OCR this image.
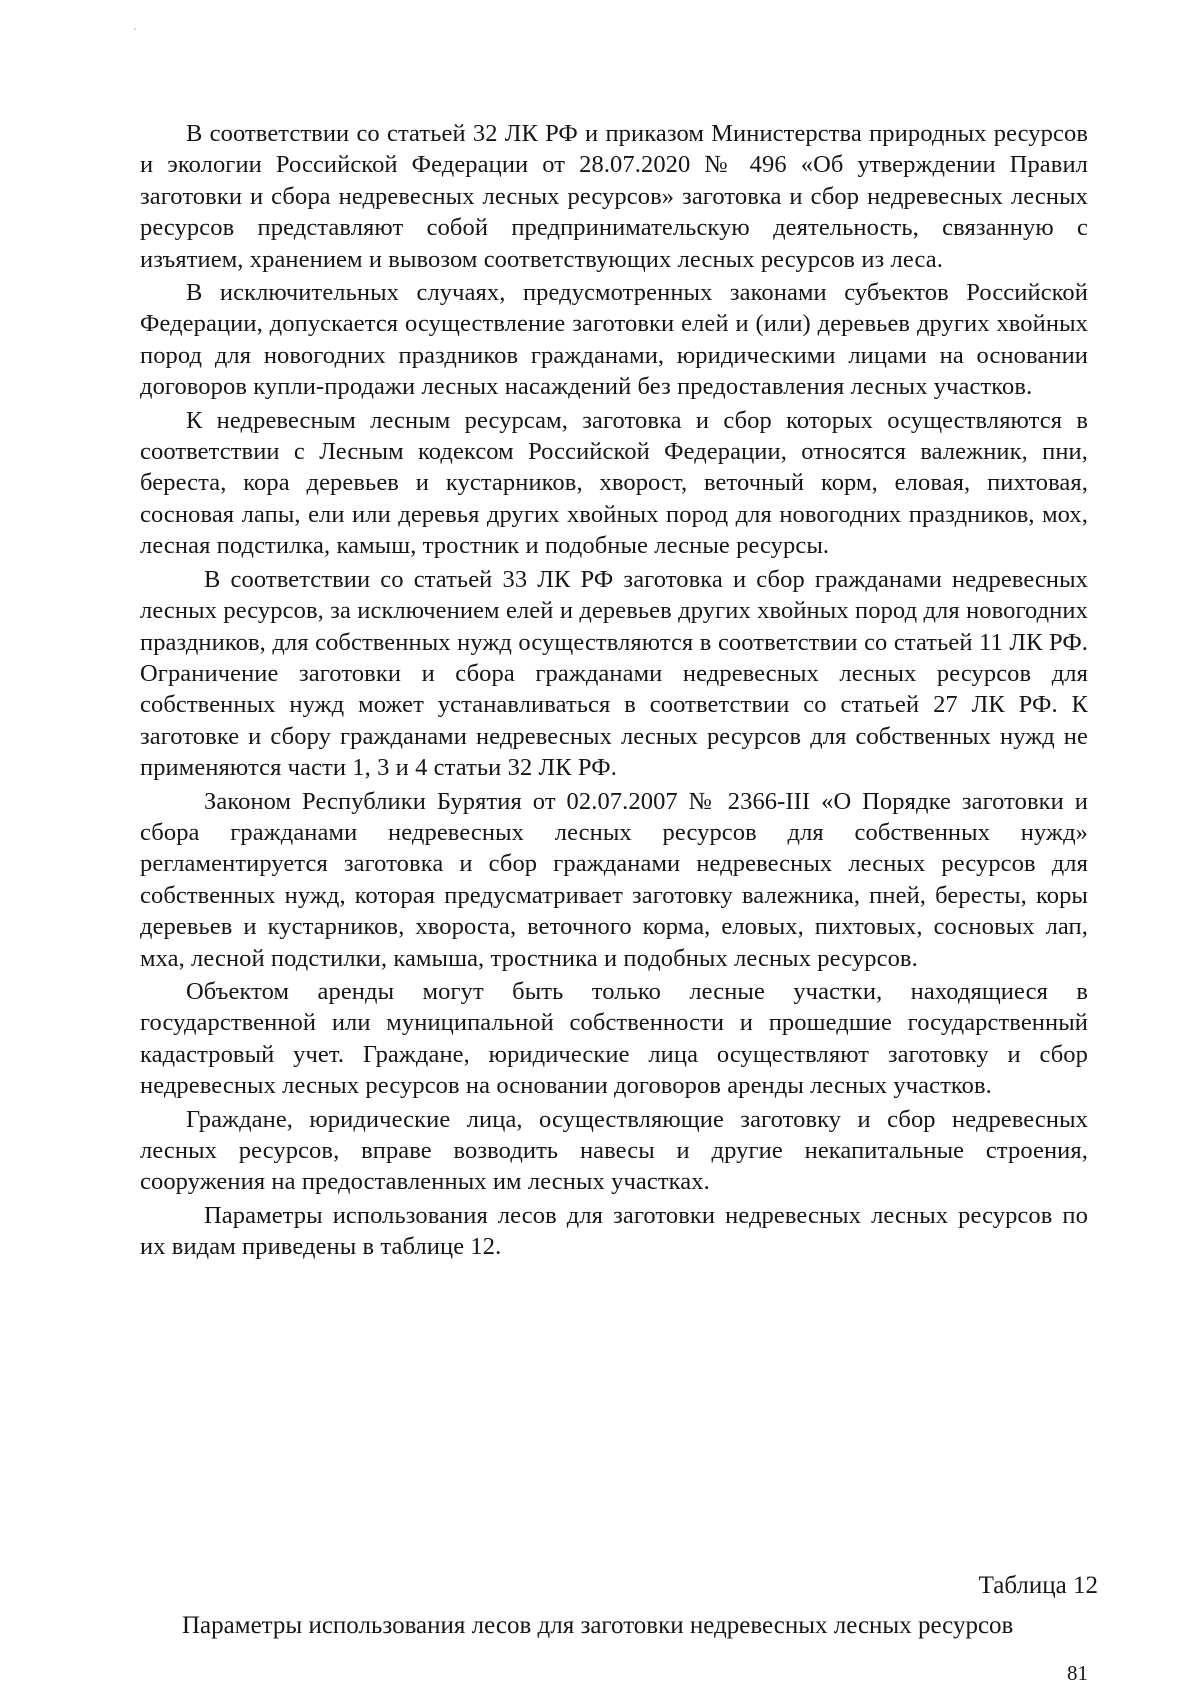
′

В соответствии со статьей 32 ЛК РФ и приказом Министерства природных ресурсов и экологии Российской Федерации от 28.07.2020 № 496 «Об утверждении Правил заготовки и сбора недревесных лесных ресурсов» заготовка и сбор недревесных лесных ресурсов представляют собой предпринимательскую деятельность, связанную с изъятием, хранением и вывозом соответствующих лесных ресурсов из леса.

В исключительных случаях, предусмотренных законами субъектов Российской Федерации, допускается осуществление заготовки елей и (или) деревьев других хвойных пород для новогодних праздников гражданами, юридическими лицами на основании договоров купли-продажи лесных насаждений без предоставления лесных участков.

К недревесным лесным ресурсам, заготовка и сбор которых осуществляются в соответствии с Лесным кодексом Российской Федерации, относятся валежник, пни, береста, кора деревьев и кустарников, хворост, веточный корм, еловая, пихтовая, сосновая лапы, ели или деревья других хвойных пород для новогодних праздников, мох, лесная подстилка, камыш, тростник и подобные лесные ресурсы.

В соответствии со статьей 33 ЛК РФ заготовка и сбор гражданами недревесных лесных ресурсов, за исключением елей и деревьев других хвойных пород для новогодних праздников, для собственных нужд осуществляются в соответствии со статьей 11 ЛК РФ. Ограничение заготовки и сбора гражданами недревесных лесных ресурсов для собственных нужд может устанавливаться в соответствии со статьей 27 ЛК РФ. К заготовке и сбору гражданами недревесных лесных ресурсов для собственных нужд не применяются части 1, 3 и 4 статьи 32 ЛК РФ.

Законом Республики Бурятия от 02.07.2007 № 2366-III «О Порядке заготовки и сбора гражданами недревесных лесных ресурсов для собственных нужд» регламентируется заготовка и сбор гражданами недревесных лесных ресурсов для собственных нужд, которая предусматривает заготовку валежника, пней, бересты, коры деревьев и кустарников, хвороста, веточного корма, еловых, пихтовых, сосновых лап, мха, лесной подстилки, камыша, тростника и подобных лесных ресурсов.

Объектом аренды могут быть только лесные участки, находящиеся в государственной или муниципальной собственности и прошедшие государственный кадастровый учет. Граждане, юридические лица осуществляют заготовку и сбор недревесных лесных ресурсов на основании договоров аренды лесных участков.

Граждане, юридические лица, осуществляющие заготовку и сбор недревесных лесных ресурсов, вправе возводить навесы и другие некапитальные строения, сооружения на предоставленных им лесных участках.

Параметры использования лесов для заготовки недревесных лесных ресурсов по их видам приведены в таблице 12.

Таблица 12
Параметры использования лесов для заготовки недревесных лесных ресурсов
81
